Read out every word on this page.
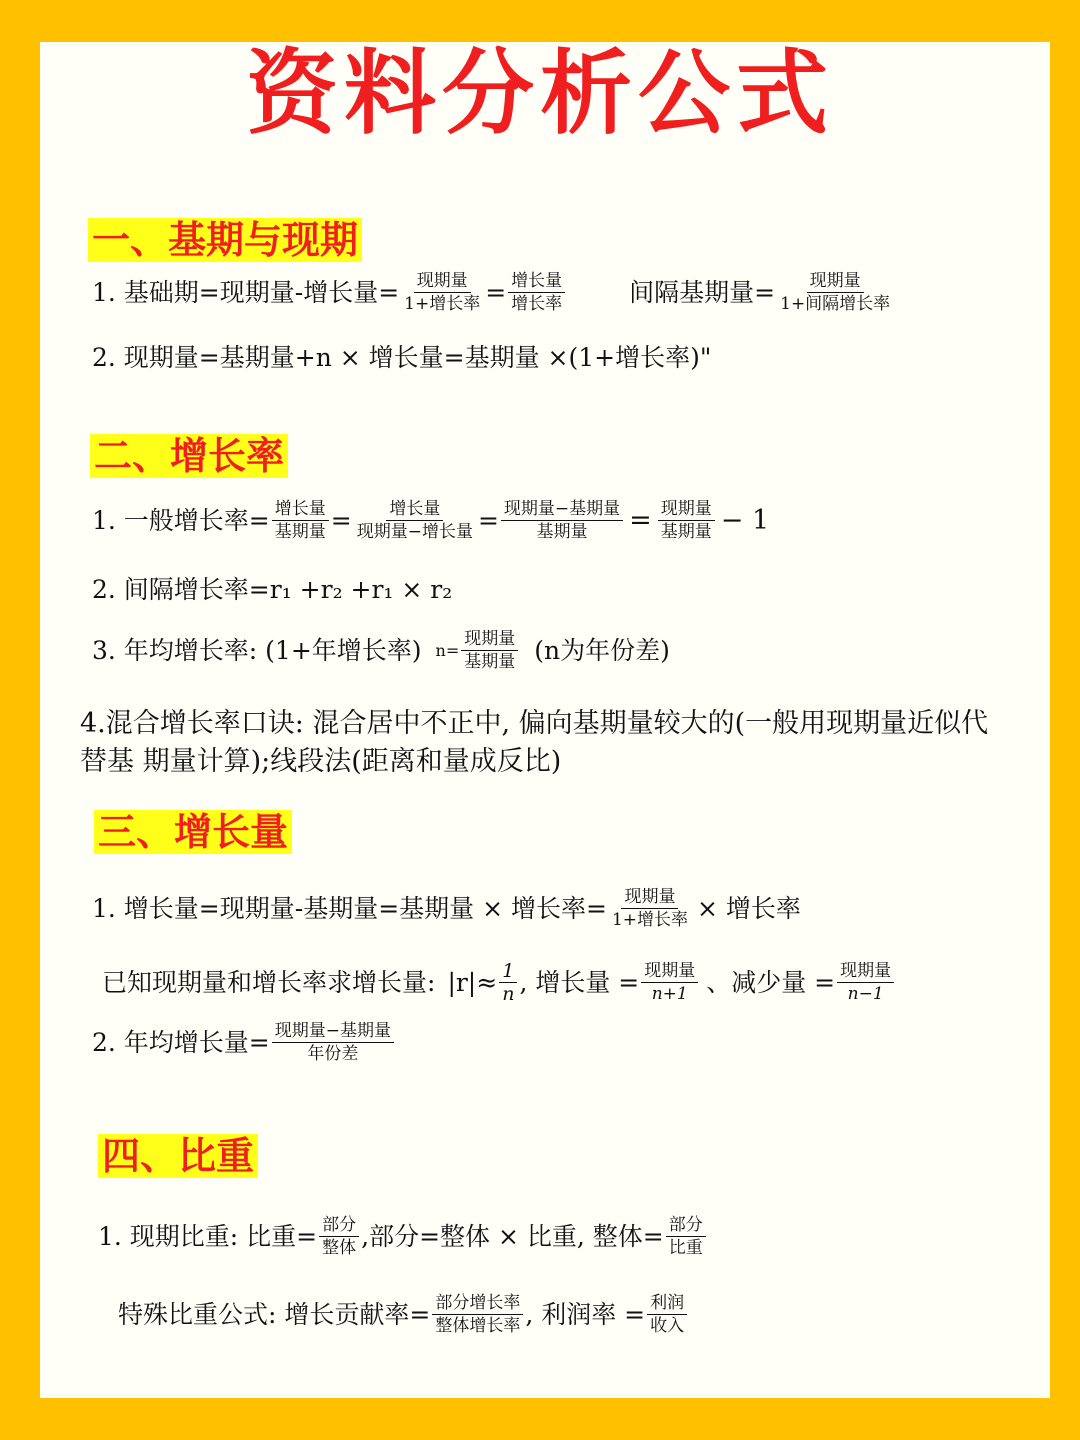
资料分析公式
一、基期与现期
1. 基础期=现期量-增长量= $\frac{\text{现期量}}{\text{1+增长率}} = \frac{\text{增长量}}{\text{增长率}}$	间隔基期量= $\frac{\text{现期量}}{\text{1+间隔增长率}}$
2. 现期量=基期量+n × 增长量=基期量 ×(1+增长率)"
二、增长率
1. 一般增长率= $\frac{\text{增长量}}{\text{基期量}} = \frac{\text{增长量}}{\text{现期量−增长量}} = \frac{\text{现期量−基期量}}{\text{基期量}} = \frac{\text{现期量}}{\text{基期量}} - 1$
2. 间隔增长率=r₁ +r₂ +r₁ × r₂
3. 年均增长率: (1+年增长率) $n= \frac{\text{现期量}}{\text{基期量}} (n$为年份差)
4.混合增长率口诀: 混合居中不正中, 偏向基期量较大的(一般用现期量近似代替基 期量计算);线段法(距离和量成反比)
三、增长量
1. 增长量=现期量-基期量=基期量 × 增长率= $\frac{\text{现期量}}{\text{1+增长率}}$ × 增长率
已知现期量和增长率求增长量: $|r|\approx \frac{1}{n}$ , 增长量 = $\frac{\text{现期量}}{n+1}$ 、减少量 = $\frac{\text{现期量}}{n-1}$
2. 年均增长量= $\frac{\text{现期量−基期量}}{\text{年份差}}$
四、比重
1. 现期比重: 比重= $\frac{\text{部分}}{\text{整体}}$ ,部分=整体 × 比重, 整体= $\frac{\text{部分}}{\text{比重}}$
特殊比重公式: 增长贡献率= $\frac{\text{部分增长率}}{\text{整体增长率}}$ , 利润率 = $\frac{\text{利润}}{\text{收入}}$
